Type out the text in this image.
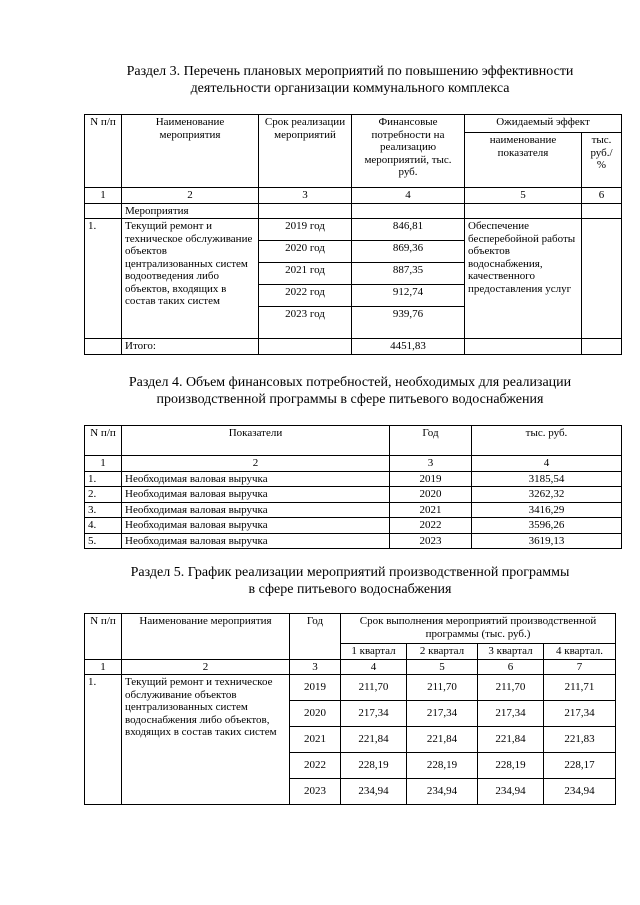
Раздел 3. Перечень плановых мероприятий по повышению эффективности
деятельности организации коммунального комплекса
N п/п	Наименование мероприятия	Срок реализации мероприятий	Финансовые потребности на реализацию мероприятий, тыс. руб.	Ожидаемый эффект	
				наименование показателя	тыс. руб./ %
1	2	3	4	5	6
	Мероприятия				
1.	Текущий ремонт и техническое обслуживание объектов централизованных систем водоотведения либо объектов, входящих в состав таких систем	2019 год	846,81	Обеспечение бесперебойной работы объектов водоснабжения, качественного предоставления услуг	
		2020 год	869,36		
		2021 год	887,35		
		2022 год	912,74		
		2023 год	939,76		
	Итого:		4451,83		
Раздел 4. Объем финансовых потребностей, необходимых для реализации
производственной программы в сфере питьевого водоснабжения
N п/п	Показатели	Год	тыс. руб.
1	2	3	4
1.	Необходимая валовая выручка	2019	3185,54
2.	Необходимая валовая выручка	2020	3262,32
3.	Необходимая валовая выручка	2021	3416,29
4.	Необходимая валовая выручка	2022	3596,26
5.	Необходимая валовая выручка	2023	3619,13
Раздел 5. График реализации мероприятий производственной программы
в сфере питьевого водоснабжения
N п/п	Наименование мероприятия	Год	Срок выполнения мероприятий производственной программы (тыс. руб.)			
			1 квартал	2 квартал	3 квартал	4 квартал.
1	2	3	4	5	6	7
1.	Текущий ремонт и техническое обслуживание объектов централизованных систем водоснабжения либо объектов, входящих в состав таких систем	2019	211,70	211,70	211,70	211,71
		2020	217,34	217,34	217,34	217,34
		2021	221,84	221,84	221,84	221,83
		2022	228,19	228,19	228,19	228,17
		2023	234,94	234,94	234,94	234,94
